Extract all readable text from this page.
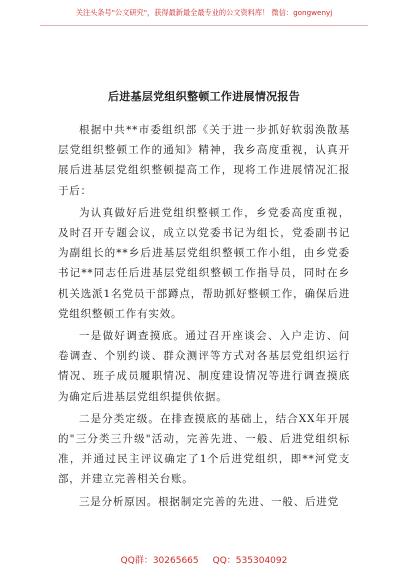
关注头条号"公文研究"，获得最新最全最专业的公文资料库！ 微信：gongwenyj
后进基层党组织整顿工作进展情况报告

根据中共**市委组织部《关于进一步抓好软弱涣散基层党组织整顿工作的通知》精神，我乡高度重视，认真开展后进基层党组织整顿提高工作，现将工作进展情况汇报于后：

为认真做好后进党组织整顿工作，乡党委高度重视，及时召开专题会议，成立以党委书记为组长，党委副书记为副组长的**乡后进基层党组织整顿工作小组，由乡党委书记**同志任后进基层党组织整顿工作指导员，同时在乡机关选派1名党员干部蹲点，帮助抓好整顿工作，确保后进党组织整顿工作有实效。

一是做好调查摸底。通过召开座谈会、入户走访、问卷调查、个别约谈、群众测评等方式对各基层党组织运行情况、班子成员履职情况、制度建设情况等进行调查摸底为确定后进基层党组织提供依据。

二是分类定级。在排查摸底的基础上，结合XX年开展的"三分类三升级"活动，完善先进、一般、后进党组织标准，并通过民主评议确定了1个后进党组织，即**河党支部，并建立完善相关台账。

三是分析原因。根据制定完善的先进、一般、后进党

QQ群：30265665 QQ：535304092
